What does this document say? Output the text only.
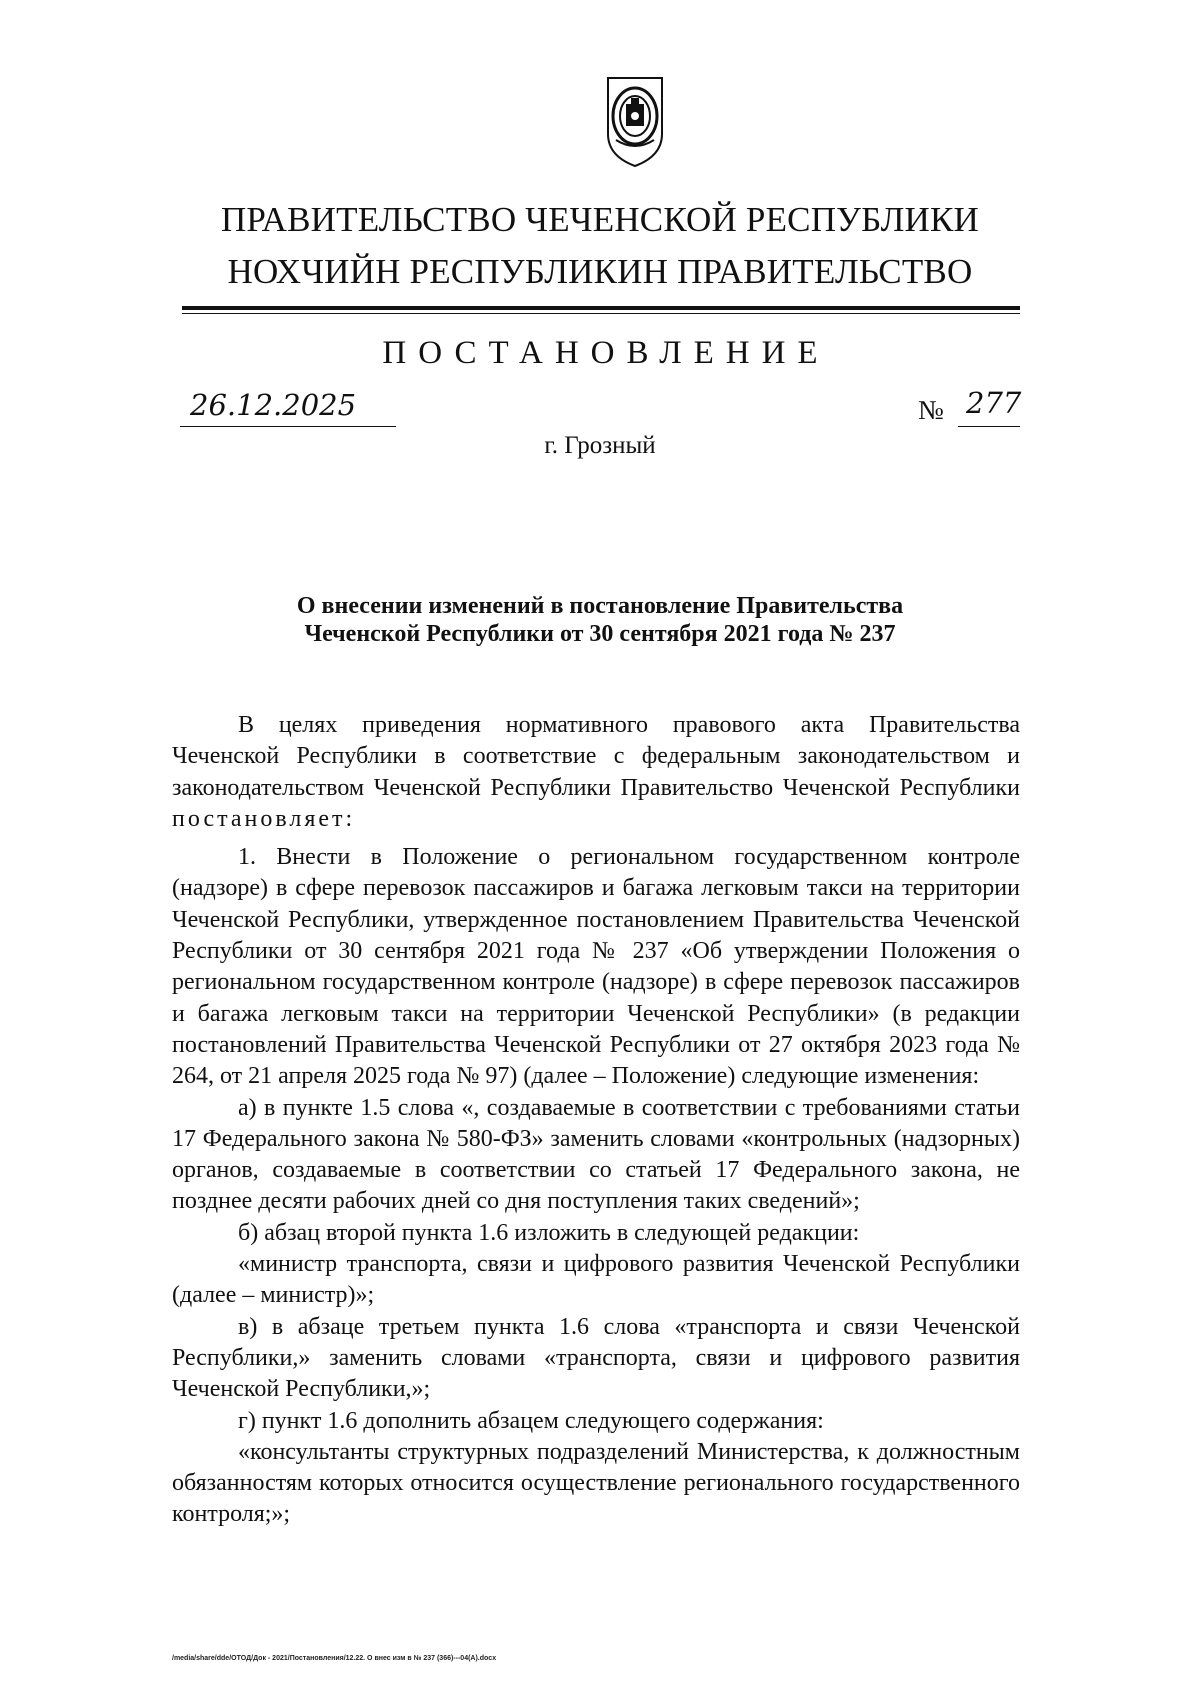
ПРАВИТЕЛЬСТВО ЧЕЧЕНСКОЙ РЕСПУБЛИКИ
НОХЧИЙН РЕСПУБЛИКИН ПРАВИТЕЛЬСТВО
ПОСТАНОВЛЕНИЕ
26.12.2025	№ 277
г. Грозный
О внесении изменений в постановление Правительства
Чеченской Республики от 30 сентября 2021 года № 237

В целях приведения нормативного правового акта Правительства Чеченской Республики в соответствие с федеральным законодательством и законодательством Чеченской Республики Правительство Чеченской Республики постановляет:

1. Внести в Положение о региональном государственном контроле (надзоре) в сфере перевозок пассажиров и багажа легковым такси на территории Чеченской Республики, утвержденное постановлением Правительства Чеченской Республики от 30 сентября 2021 года № 237 «Об утверждении Положения о региональном государственном контроле (надзоре) в сфере перевозок пассажиров и багажа легковым такси на территории Чеченской Республики» (в редакции постановлений Правительства Чеченской Республики от 27 октября 2023 года № 264, от 21 апреля 2025 года № 97) (далее – Положение) следующие изменения:

а) в пункте 1.5 слова «, создаваемые в соответствии с требованиями статьи 17 Федерального закона № 580-ФЗ» заменить словами «контрольных (надзорных) органов, создаваемые в соответствии со статьей 17 Федерального закона, не позднее десяти рабочих дней со дня поступления таких сведений»;

б) абзац второй пункта 1.6 изложить в следующей редакции:

«министр транспорта, связи и цифрового развития Чеченской Республики (далее – министр)»;

в) в абзаце третьем пункта 1.6 слова «транспорта и связи Чеченской Республики,» заменить словами «транспорта, связи и цифрового развития Чеченской Республики,»;

г) пункт 1.6 дополнить абзацем следующего содержания:

«консультанты структурных подразделений Министерства, к должностным обязанностям которых относится осуществление регионального государственного контроля;»;

/media/share/dde/OTOД/Док - 2021/Постановления/12.22. О внес изм в № 237 (366)---04(А).docx
